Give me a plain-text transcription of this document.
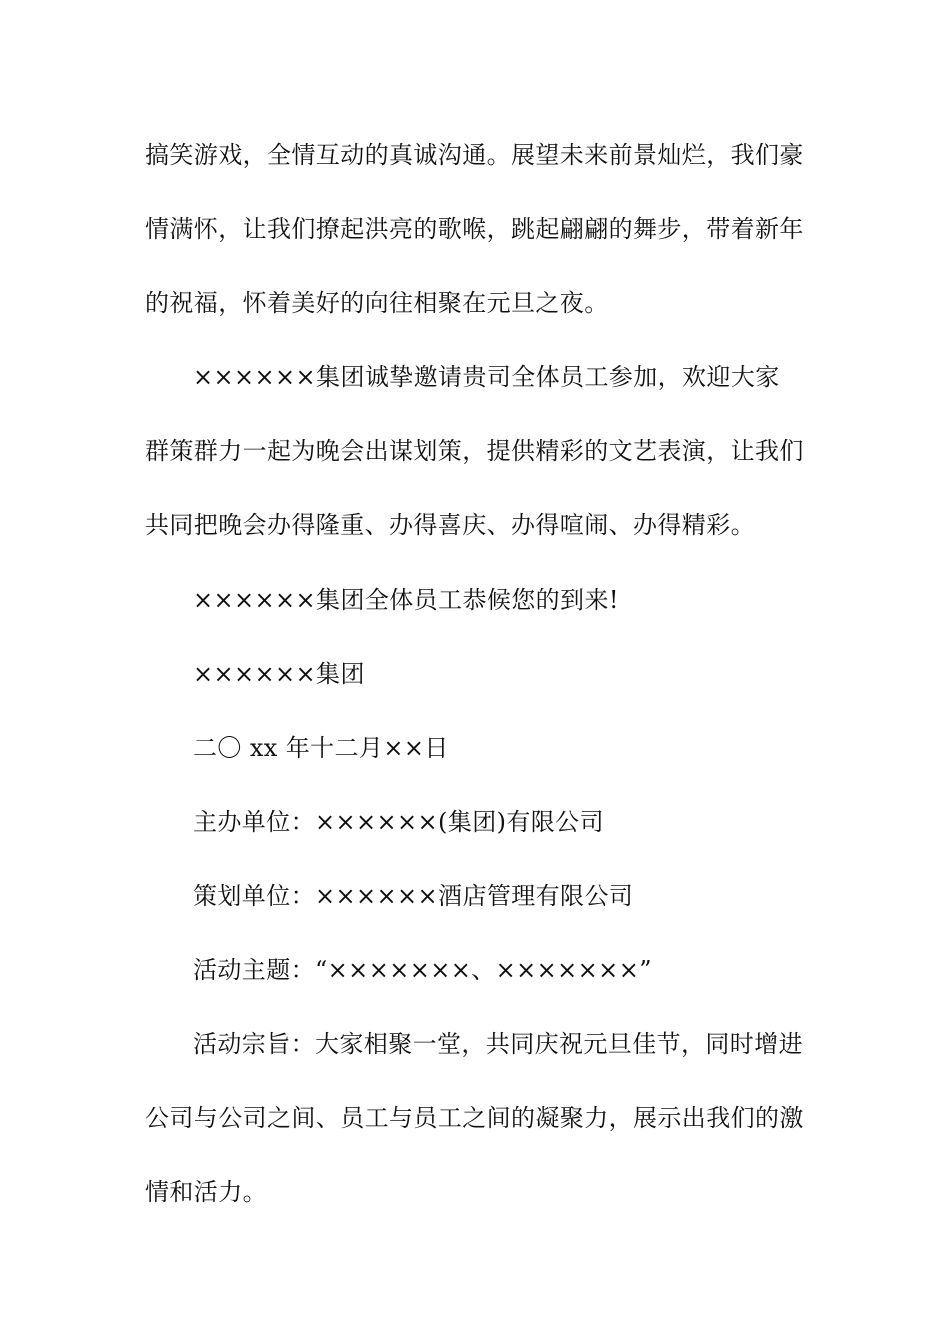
搞笑游戏，全情互动的真诚沟通。展望未来前景灿烂，我们豪
情满怀，让我们撩起洪亮的歌喉，跳起翩翩的舞步，带着新年
的祝福，怀着美好的向往相聚在元旦之夜。
××××××集团诚挚邀请贵司全体员工参加，欢迎大家
群策群力一起为晚会出谋划策，提供精彩的文艺表演，让我们
共同把晚会办得隆重、办得喜庆、办得喧闹、办得精彩。
××××××集团全体员工恭候您的到来!
××××××集团
二〇 xx 年十二月××日
主办单位：××××××(集团)有限公司
策划单位：××××××酒店管理有限公司
活动主题：“×××××××、×××××××”
活动宗旨：大家相聚一堂，共同庆祝元旦佳节，同时增进
公司与公司之间、员工与员工之间的凝聚力，展示出我们的激
情和活力。
